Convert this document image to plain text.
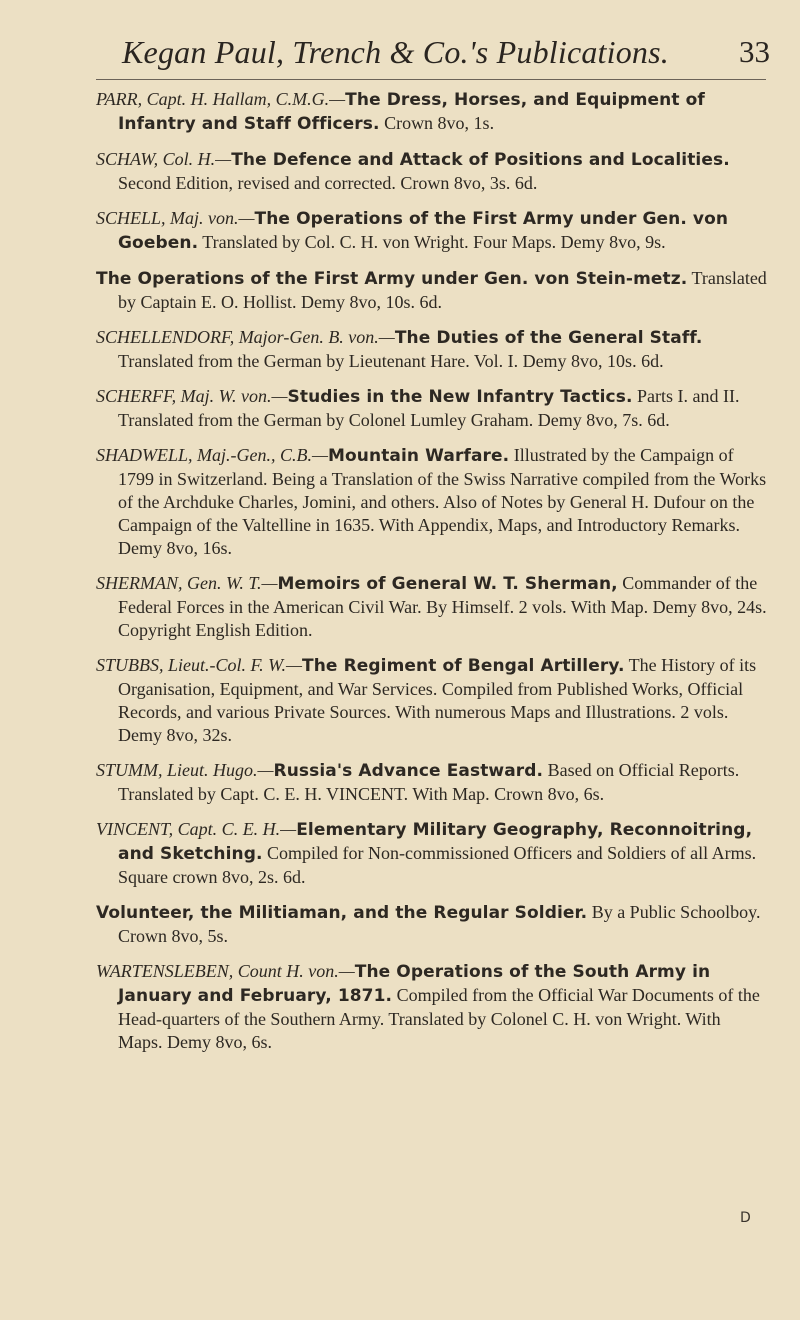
Kegan Paul, Trench & Co.'s Publications. 33

PARR, Capt. H. Hallam, C.M.G.—The Dress, Horses, and Equipment of Infantry and Staff Officers. Crown 8vo, 1s.

SCHAW, Col. H.—The Defence and Attack of Positions and Localities. Second Edition, revised and corrected. Crown 8vo, 3s. 6d.

SCHELL, Maj. von.—The Operations of the First Army under Gen. von Goeben. Translated by Col. C. H. von Wright. Four Maps. Demy 8vo, 9s.

The Operations of the First Army under Gen. von Stein-metz. Translated by Captain E. O. Hollist. Demy 8vo, 10s. 6d.

SCHELLENDORF, Major-Gen. B. von.—The Duties of the General Staff. Translated from the German by Lieutenant Hare. Vol. I. Demy 8vo, 10s. 6d.

SCHERFF, Maj. W. von.—Studies in the New Infantry Tactics. Parts I. and II. Translated from the German by Colonel Lumley Graham. Demy 8vo, 7s. 6d.

SHADWELL, Maj.-Gen., C.B.—Mountain Warfare. Illustrated by the Campaign of 1799 in Switzerland. Being a Translation of the Swiss Narrative compiled from the Works of the Archduke Charles, Jomini, and others. Also of Notes by General H. Dufour on the Campaign of the Valtelline in 1635. With Appendix, Maps, and Introductory Remarks. Demy 8vo, 16s.

SHERMAN, Gen. W. T.—Memoirs of General W. T. Sherman, Commander of the Federal Forces in the American Civil War. By Himself. 2 vols. With Map. Demy 8vo, 24s. Copyright English Edition.

STUBBS, Lieut.-Col. F. W.—The Regiment of Bengal Artillery. The History of its Organisation, Equipment, and War Services. Compiled from Published Works, Official Records, and various Private Sources. With numerous Maps and Illustrations. 2 vols. Demy 8vo, 32s.

STUMM, Lieut. Hugo.—Russia's Advance Eastward. Based on Official Reports. Translated by Capt. C. E. H. VINCENT. With Map. Crown 8vo, 6s.

VINCENT, Capt. C. E. H.—Elementary Military Geography, Reconnoitring, and Sketching. Compiled for Non-commissioned Officers and Soldiers of all Arms. Square crown 8vo, 2s. 6d.

Volunteer, the Militiaman, and the Regular Soldier. By a Public Schoolboy. Crown 8vo, 5s.

WARTENSLEBEN, Count H. von.—The Operations of the South Army in January and February, 1871. Compiled from the Official War Documents of the Head-quarters of the Southern Army. Translated by Colonel C. H. von Wright. With Maps. Demy 8vo, 6s.

D
